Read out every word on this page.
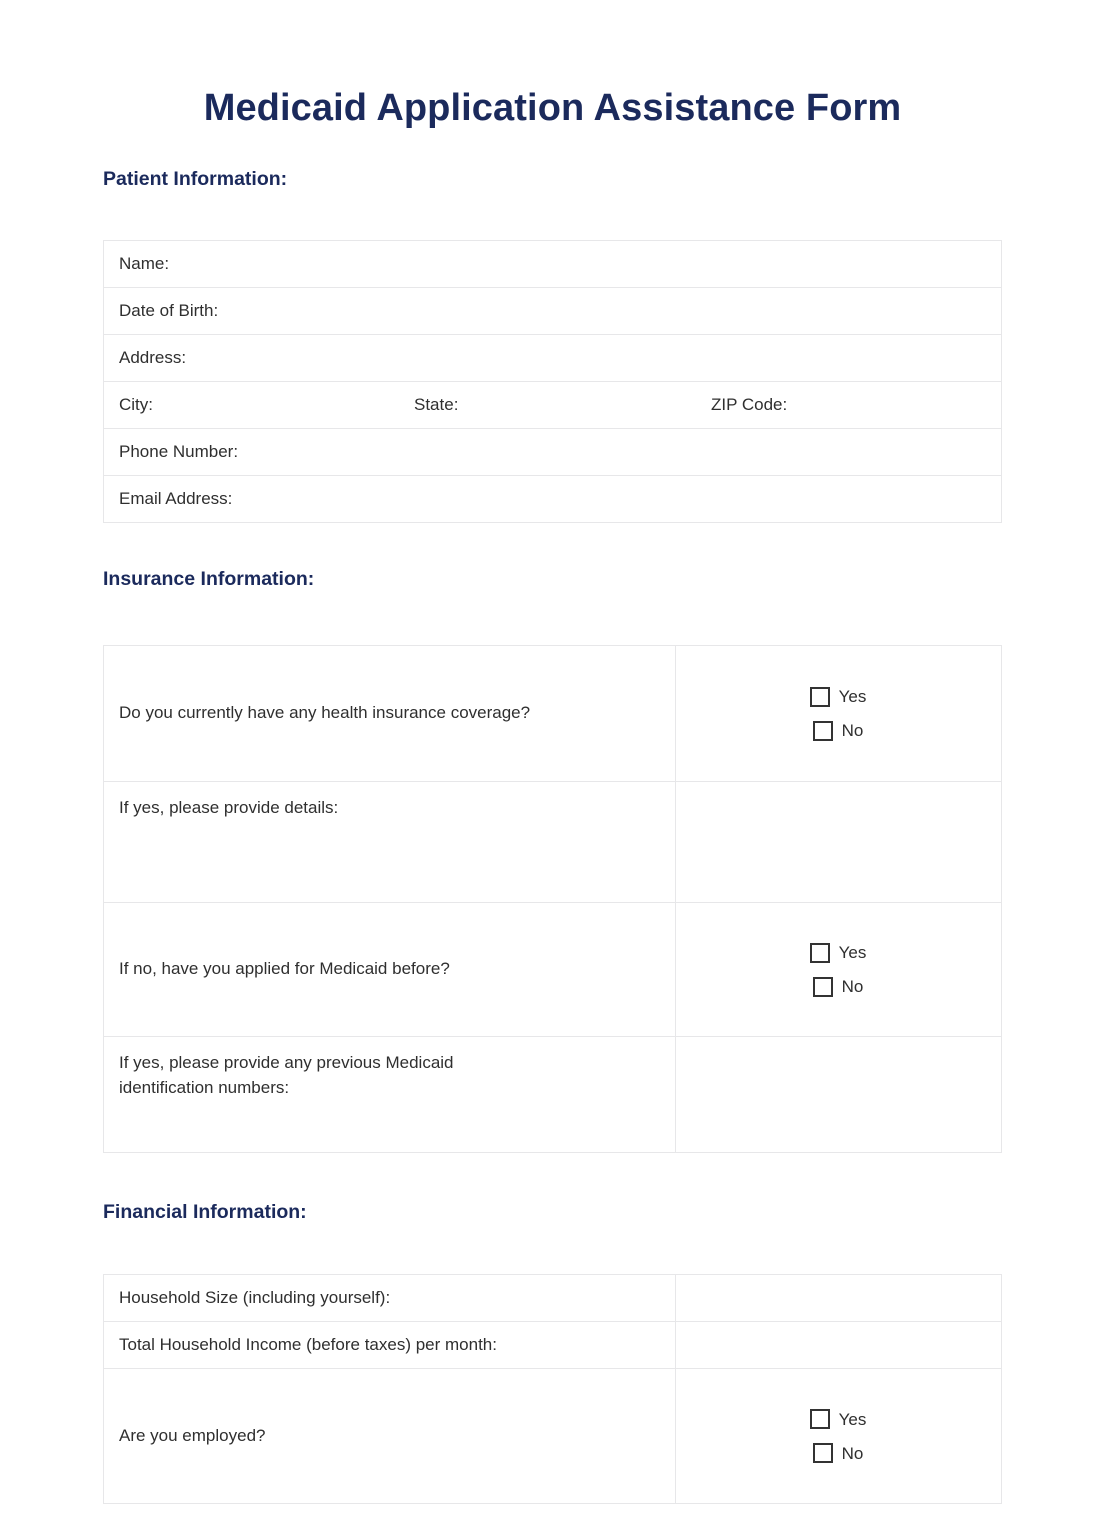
Medicaid Application Assistance Form
Patient Information:
Name:
Date of Birth:
Address:
City:	State:	ZIP Code:
Phone Number:
Email Address:
Insurance Information:
Do you currently have any health insurance coverage?
Yes
No
If yes, please provide details:
If no, have you applied for Medicaid before?
Yes
No
If yes, please provide any previous Medicaid
identification numbers:
Financial Information:
Household Size (including yourself):
Total Household Income (before taxes) per month:
Are you employed?
Yes
No
